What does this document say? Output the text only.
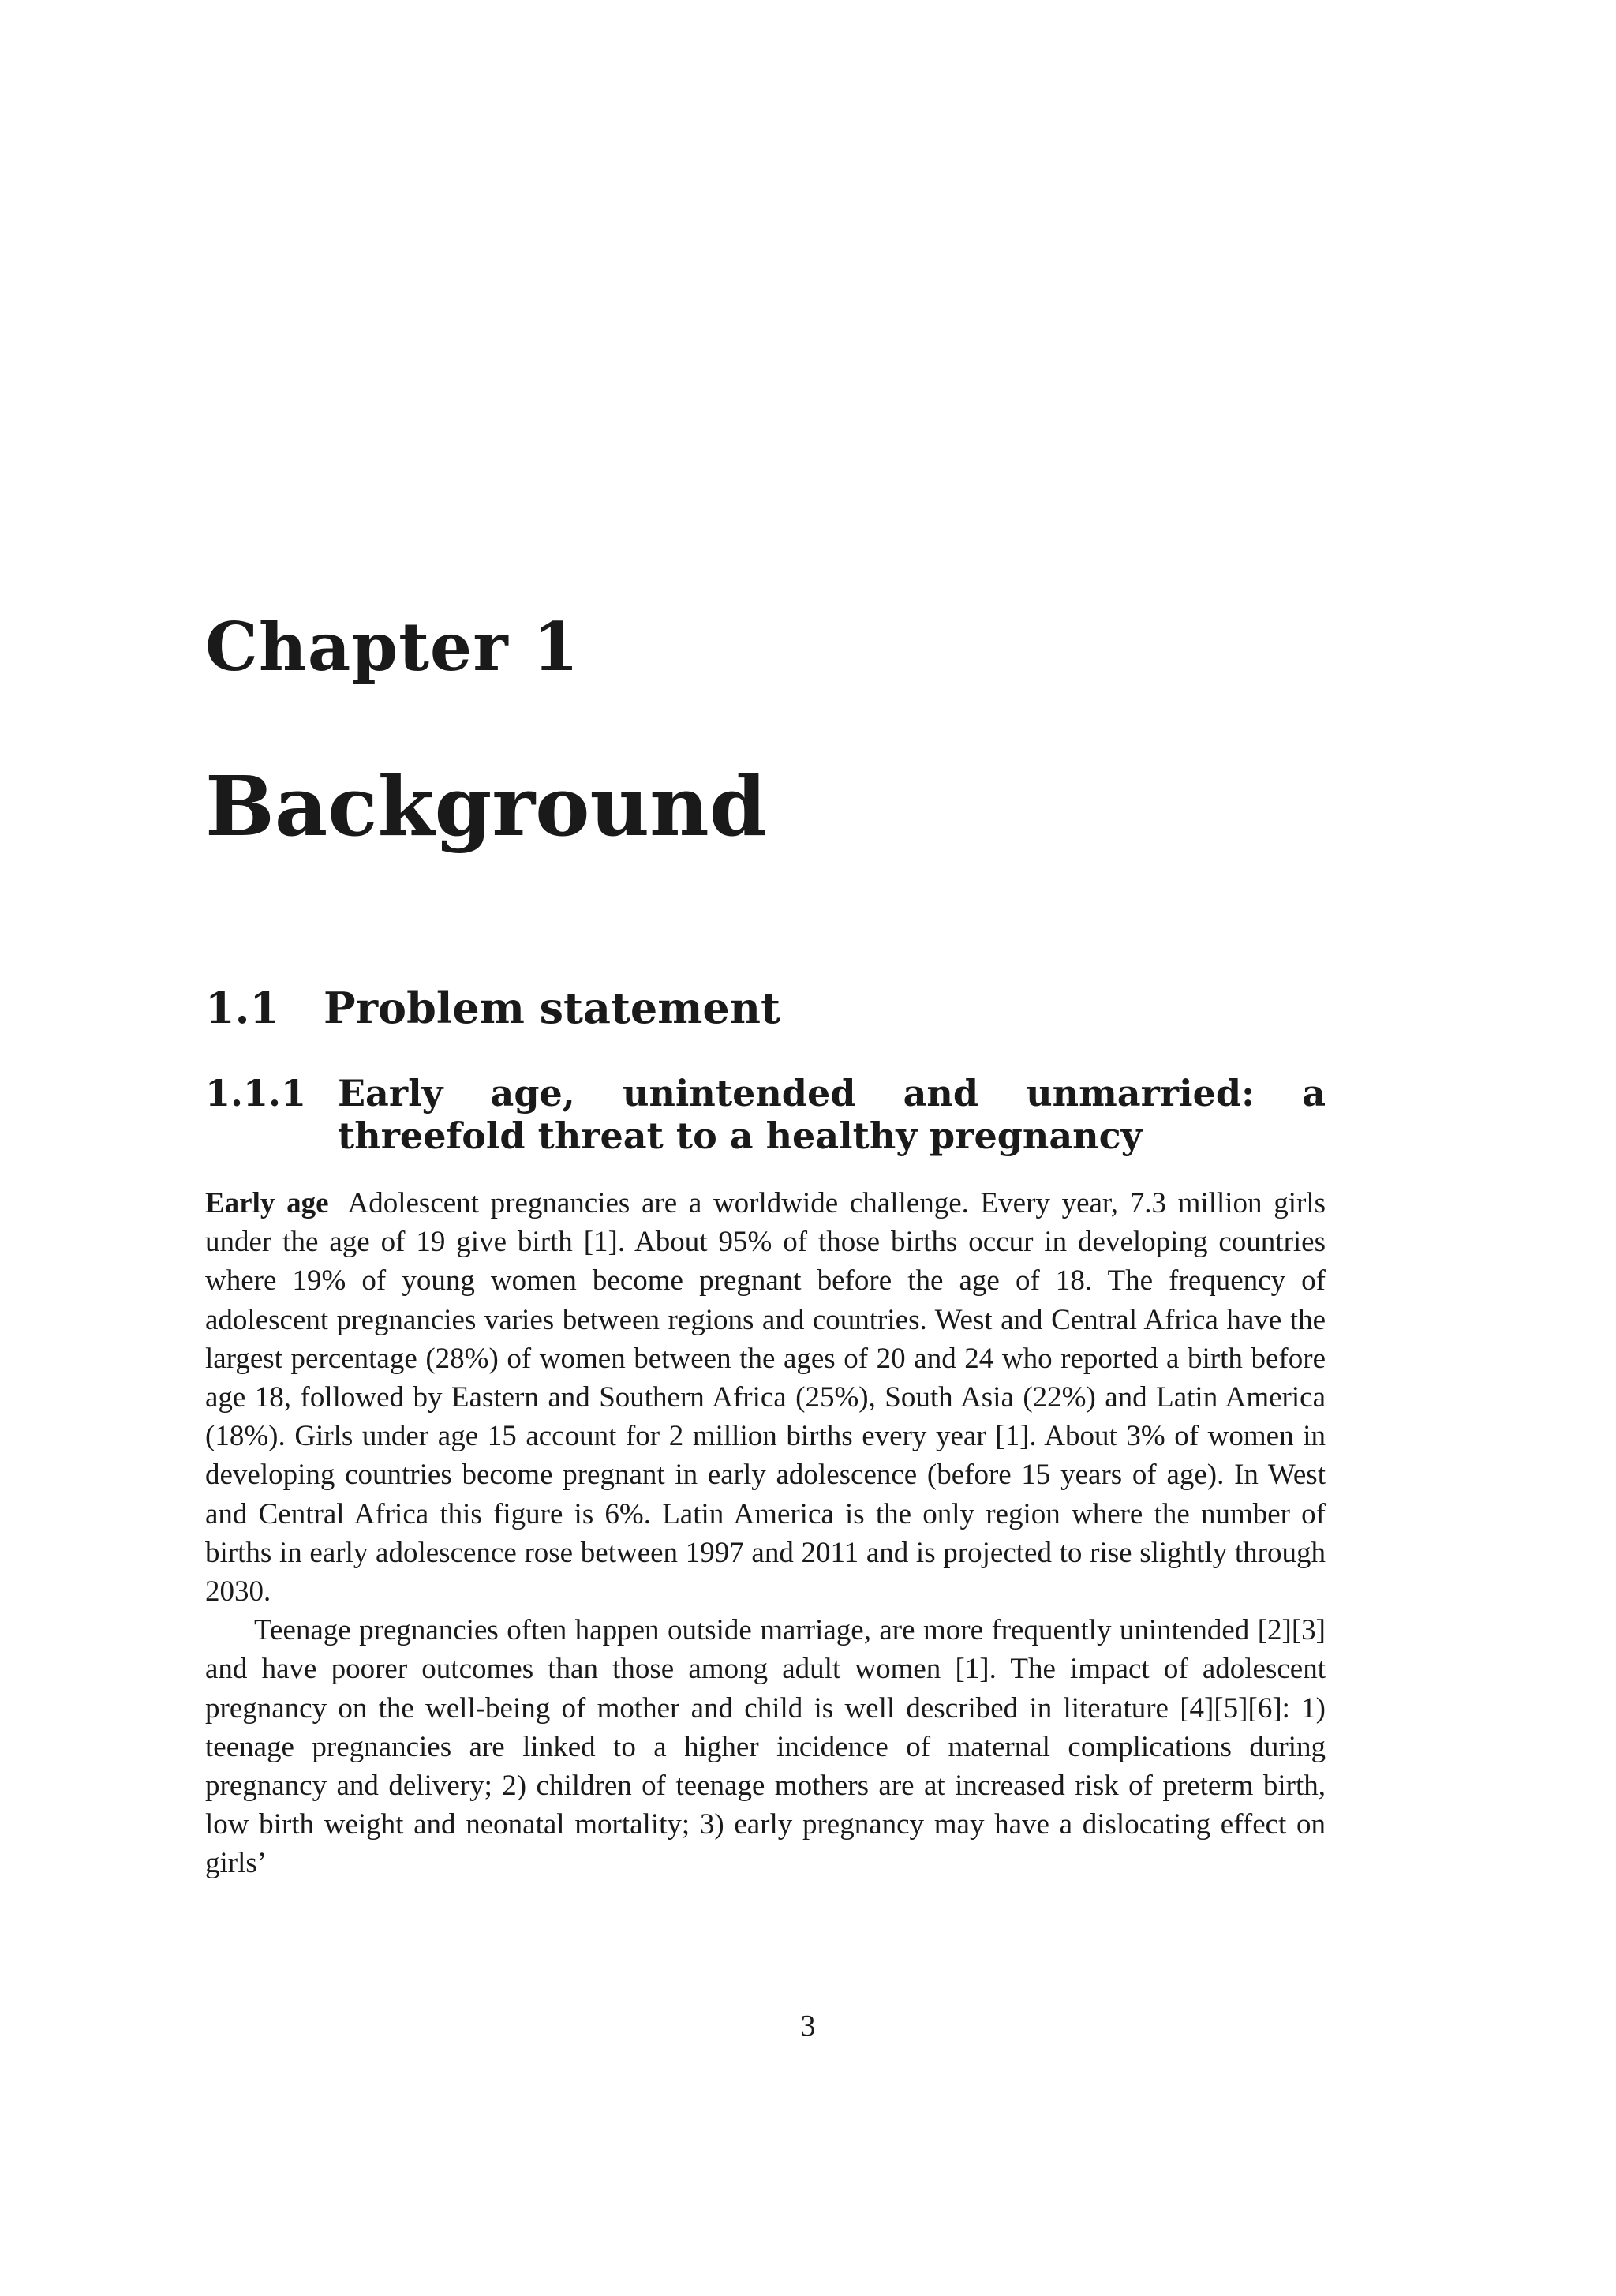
Chapter 1
Background
1.1 Problem statement
1.1.1 Early age, unintended and unmarried: a threefold threat to a healthy pregnancy

Early age Adolescent pregnancies are a worldwide challenge. Every year, 7.3 million girls under the age of 19 give birth [1]. About 95% of those births occur in developing countries where 19% of young women become pregnant before the age of 18. The frequency of adolescent pregnancies varies between regions and countries. West and Central Africa have the largest percentage (28%) of women between the ages of 20 and 24 who reported a birth before age 18, followed by Eastern and Southern Africa (25%), South Asia (22%) and Latin America (18%). Girls under age 15 account for 2 million births every year [1]. About 3% of women in developing countries become pregnant in early adolescence (before 15 years of age). In West and Central Africa this figure is 6%. Latin America is the only region where the number of births in early adolescence rose between 1997 and 2011 and is projected to rise slightly through 2030.

Teenage pregnancies often happen outside marriage, are more frequently unintended [2][3] and have poorer outcomes than those among adult women [1]. The impact of adolescent pregnancy on the well-being of mother and child is well described in literature [4][5][6]: 1) teenage pregnancies are linked to a higher incidence of maternal complications during pregnancy and delivery; 2) children of teenage mothers are at increased risk of preterm birth, low birth weight and neonatal mortality; 3) early pregnancy may have a dislocating effect on girls’

3
